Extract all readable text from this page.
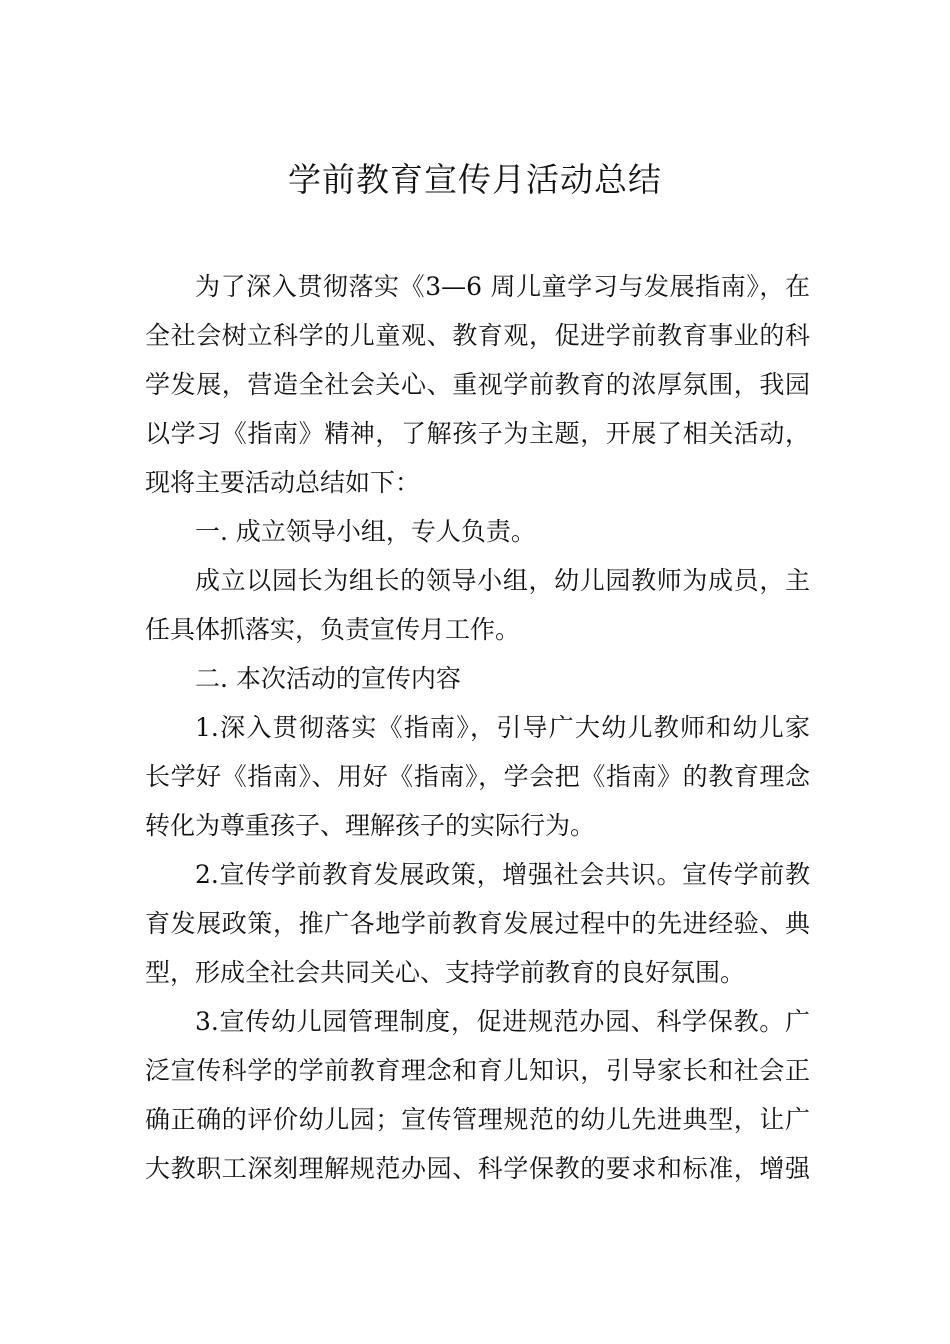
学前教育宣传月活动总结
为了深入贯彻落实《3—6 周儿童学习与发展指南》，在
全社会树立科学的儿童观、教育观，促进学前教育事业的科
学发展，营造全社会关心、重视学前教育的浓厚氛围，我园
以学习《指南》精神，了解孩子为主题，开展了相关活动，
现将主要活动总结如下：
一. 成立领导小组，专人负责。
成立以园长为组长的领导小组，幼儿园教师为成员，主
任具体抓落实，负责宣传月工作。
二. 本次活动的宣传内容
1.深入贯彻落实《指南》，引导广大幼儿教师和幼儿家
长学好《指南》、用好《指南》，学会把《指南》的教育理念
转化为尊重孩子、理解孩子的实际行为。
2.宣传学前教育发展政策，增强社会共识。宣传学前教
育发展政策，推广各地学前教育发展过程中的先进经验、典
型，形成全社会共同关心、支持学前教育的良好氛围。
3.宣传幼儿园管理制度，促进规范办园、科学保教。广
泛宣传科学的学前教育理念和育儿知识，引导家长和社会正
确正确的评价幼儿园；宣传管理规范的幼儿先进典型，让广
大教职工深刻理解规范办园、科学保教的要求和标准，增强
